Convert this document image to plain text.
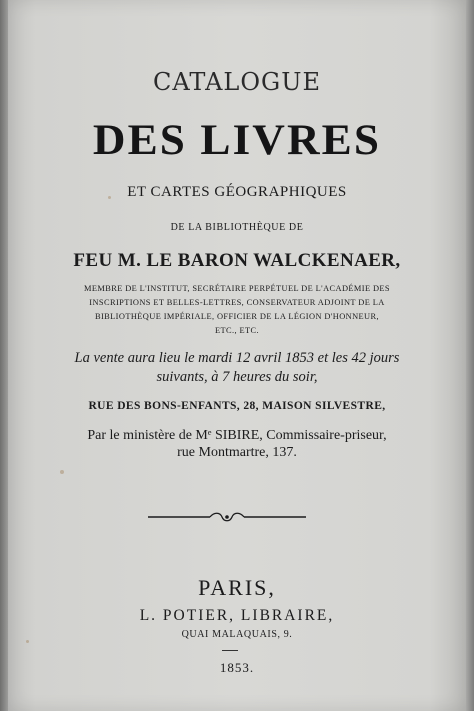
CATALOGUE
DES LIVRES
ET CARTES GÉOGRAPHIQUES
DE LA BIBLIOTHÈQUE DE
FEU M. LE BARON WALCKENAER,
MEMBRE DE L'INSTITUT, SECRÉTAIRE PERPÉTUEL DE L'ACADÉMIE DES
INSCRIPTIONS ET BELLES-LETTRES, CONSERVATEUR ADJOINT DE LA
BIBLIOTHÈQUE IMPÉRIALE, OFFICIER DE LA LÉGION D'HONNEUR,
ETC., ETC.
La vente aura lieu le mardi 12 avril 1853 et les 42 jours
suivants, à 7 heures du soir,
RUE DES BONS-ENFANTS, 28, MAISON SILVESTRE,
Par le ministère de Mᵉ SIBIRE, Commissaire-priseur,
rue Montmartre, 137.
PARIS,
L. POTIER, LIBRAIRE,
QUAI MALAQUAIS, 9.
1853.
